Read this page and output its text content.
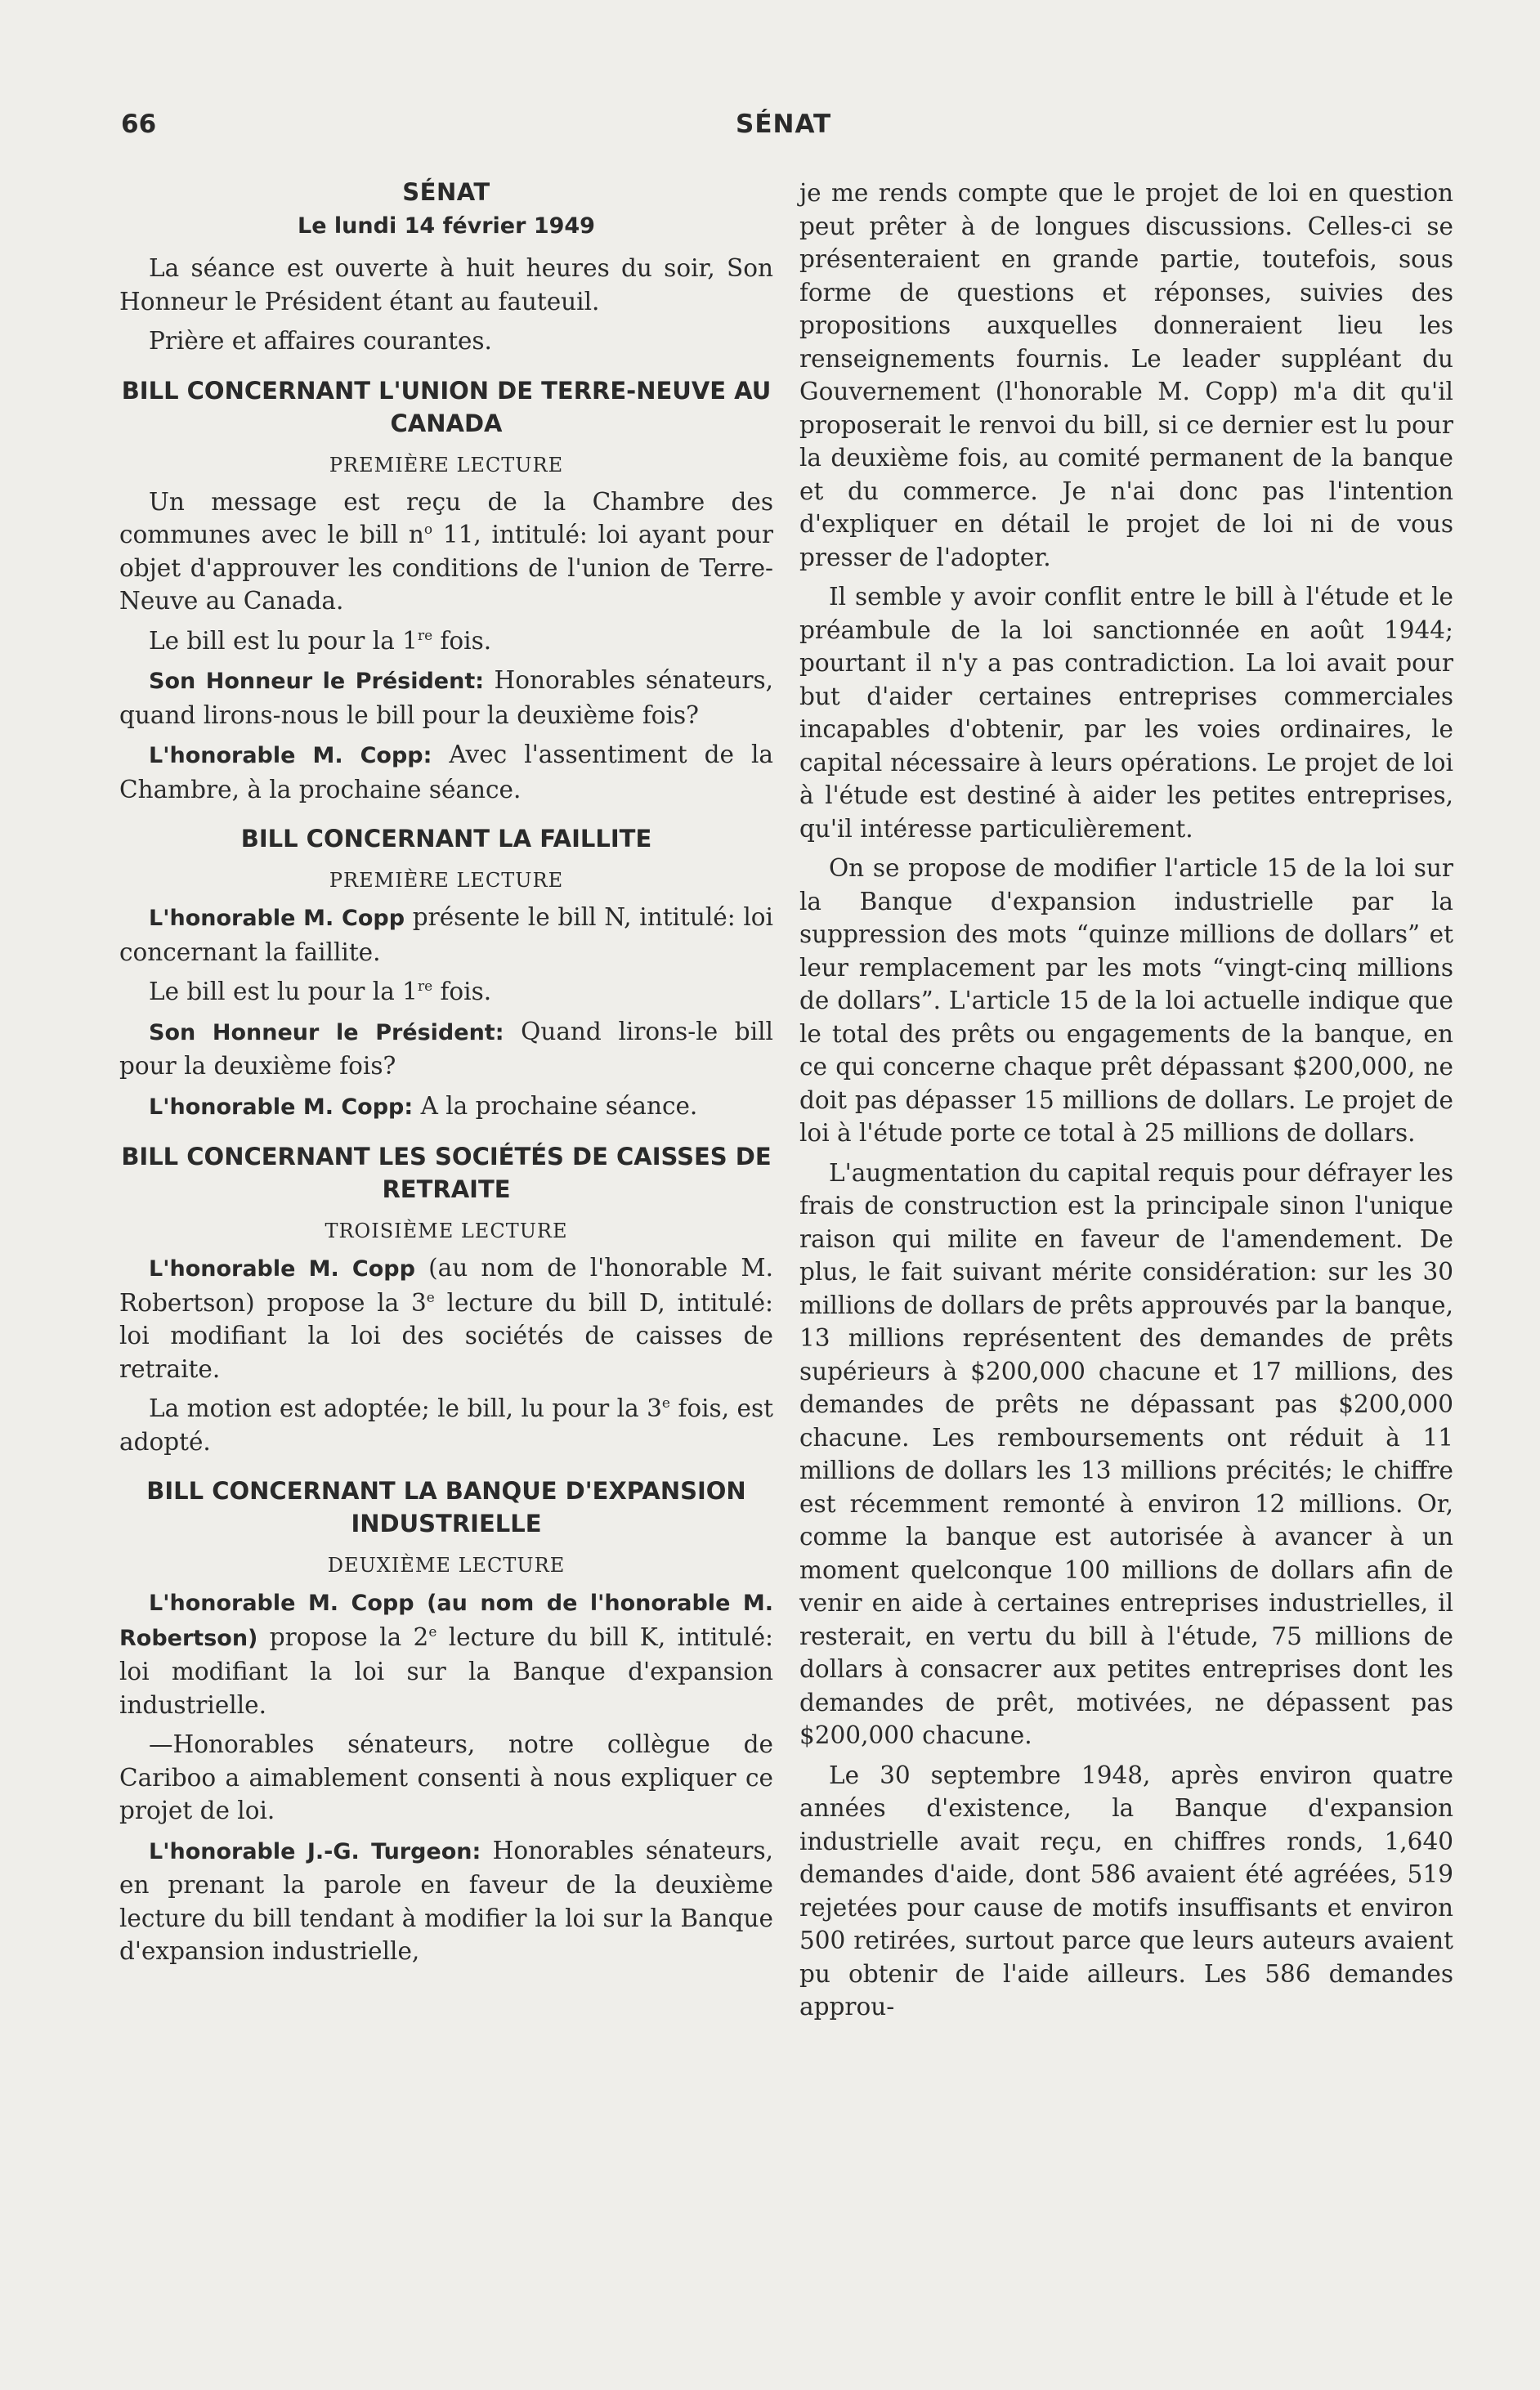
66	SÉNAT
SÉNAT
Le lundi 14 février 1949

La séance est ouverte à huit heures du soir, Son Honneur le Président étant au fauteuil.

Prière et affaires courantes.

BILL CONCERNANT L'UNION DE TERRE-NEUVE AU CANADA
PREMIÈRE LECTURE

Un message est reçu de la Chambre des communes avec le bill $n^o$ 11, intitulé: loi ayant pour objet d'approuver les conditions de l'union de Terre-Neuve au Canada.

Le bill est lu pour la 1re fois.

Son Honneur le Président: Honorables sénateurs, quand lirons-nous le bill pour la deuxième fois?

L'honorable M. Copp: Avec l'assentiment de la Chambre, à la prochaine séance.

BILL CONCERNANT LA FAILLITE
PREMIÈRE LECTURE

L'honorable M. Copp présente le bill N, intitulé: loi concernant la faillite.

Le bill est lu pour la 1re fois.

Son Honneur le Président: Quand lirons-le bill pour la deuxième fois?

L'honorable M. Copp: A la prochaine séance.

BILL CONCERNANT LES SOCIÉTÉS DE CAISSES DE RETRAITE
TROISIÈME LECTURE

L'honorable M. Copp (au nom de l'honorable M. Robertson) propose la 3e lecture du bill D, intitulé: loi modifiant la loi des sociétés de caisses de retraite.

La motion est adoptée; le bill, lu pour la 3e fois, est adopté.

BILL CONCERNANT LA BANQUE D'EXPANSION INDUSTRIELLE
DEUXIÈME LECTURE

L'honorable M. Copp (au nom de l'honorable M. Robertson) propose la 2e lecture du bill K, intitulé: loi modifiant la loi sur la Banque d'expansion industrielle.

—Honorables sénateurs, notre collègue de Cariboo a aimablement consenti à nous expliquer ce projet de loi.

L'honorable J.-G. Turgeon: Honorables sénateurs, en prenant la parole en faveur de la deuxième lecture du bill tendant à modifier la loi sur la Banque d'expansion industrielle,

je me rends compte que le projet de loi en question peut prêter à de longues discussions. Celles-ci se présenteraient en grande partie, toutefois, sous forme de questions et réponses, suivies des propositions auxquelles donneraient lieu les renseignements fournis. Le leader suppléant du Gouvernement (l'honorable M. Copp) m'a dit qu'il proposerait le renvoi du bill, si ce dernier est lu pour la deuxième fois, au comité permanent de la banque et du commerce. Je n'ai donc pas l'intention d'expliquer en détail le projet de loi ni de vous presser de l'adopter.

Il semble y avoir conflit entre le bill à l'étude et le préambule de la loi sanctionnée en août 1944; pourtant il n'y a pas contradiction. La loi avait pour but d'aider certaines entreprises commerciales incapables d'obtenir, par les voies ordinaires, le capital nécessaire à leurs opérations. Le projet de loi à l'étude est destiné à aider les petites entreprises, qu'il intéresse particulièrement.

On se propose de modifier l'article 15 de la loi sur la Banque d'expansion industrielle par la suppression des mots “quinze millions de dollars” et leur remplacement par les mots “vingt-cinq millions de dollars”. L'article 15 de la loi actuelle indique que le total des prêts ou engagements de la banque, en ce qui concerne chaque prêt dépassant $200,000, ne doit pas dépasser 15 millions de dollars. Le projet de loi à l'étude porte ce total à 25 millions de dollars.

L'augmentation du capital requis pour défrayer les frais de construction est la principale sinon l'unique raison qui milite en faveur de l'amendement. De plus, le fait suivant mérite considération: sur les 30 millions de dollars de prêts approuvés par la banque, 13 millions représentent des demandes de prêts supérieurs à $200,000 chacune et 17 millions, des demandes de prêts ne dépassant pas $200,000 chacune. Les remboursements ont réduit à 11 millions de dollars les 13 millions précités; le chiffre est récemment remonté à environ 12 millions. Or, comme la banque est autorisée à avancer à un moment quelconque 100 millions de dollars afin de venir en aide à certaines entreprises industrielles, il resterait, en vertu du bill à l'étude, 75 millions de dollars à consacrer aux petites entreprises dont les demandes de prêt, motivées, ne dépassent pas $200,000 chacune.

Le 30 septembre 1948, après environ quatre années d'existence, la Banque d'expansion industrielle avait reçu, en chiffres ronds, 1,640 demandes d'aide, dont 586 avaient été agréées, 519 rejetées pour cause de motifs insuffisants et environ 500 retirées, surtout parce que leurs auteurs avaient pu obtenir de l'aide ailleurs. Les 586 demandes approu-
